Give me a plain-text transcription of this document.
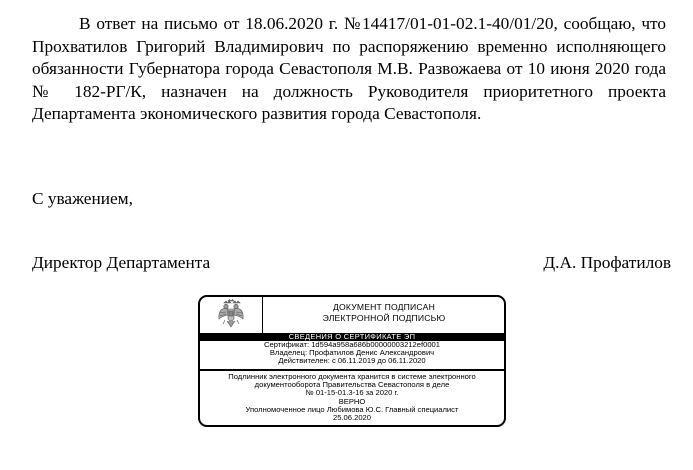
В ответ на письмо от 18.06.2020 г. №14417/01-01-02.1-40/01/20, сообщаю, что Прохватилов Григорий Владимирович по распоряжению временно исполняющего обязанности Губернатора города Севастополя М.В. Развожаева от 10 июня 2020 года № 182-РГ/К, назначен на должность Руководителя приоритетного проекта Департамента экономического развития города Севастополя.

С уважением,
Директор Департамента	Д.А. Профатилов
ДОКУМЕНТ ПОДПИСАН
ЭЛЕКТРОННОЙ ПОДПИСЬЮ
СВЕДЕНИЯ О СЕРТИФИКАТЕ ЭП
Сертификат: 1d594a958a686b00000003212ef0001
Владелец: Профатилов Денис Александрович
Действителен: с 06.11.2019 до 06.11.2020
Подлинник электронного документа хранится в системе электронного
документооборота Правительства Севастополя в деле
№ 01-15-01.3-16 за 2020 г.
ВЕРНО
Уполномоченное лицо Любимова Ю.С. Главный специалист
25.06.2020
